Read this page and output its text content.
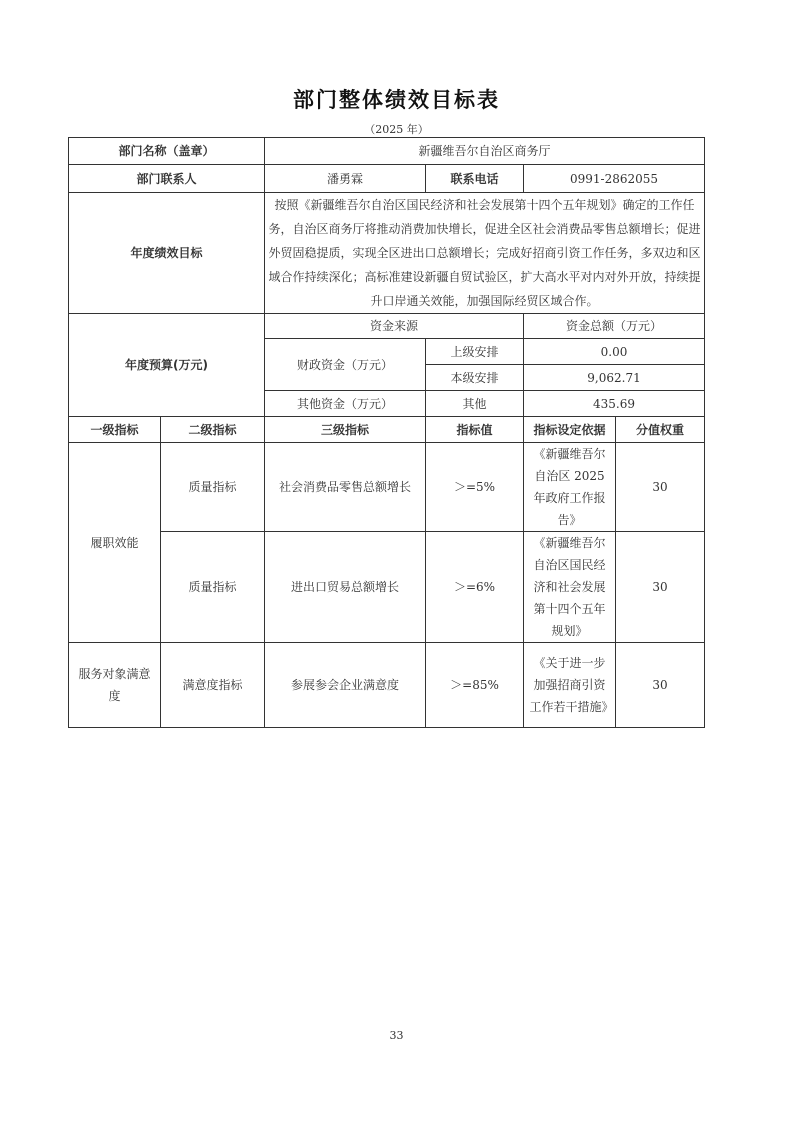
部门整体绩效目标表
（2025 年）
部门名称（盖章）		新疆维吾尔自治区商务厅			
部门联系人		潘勇霖	联系电话	0991-2862055	
年度绩效目标		按照《新疆维吾尔自治区国民经济和社会发展第十四个五年规划》确定的工作任务，自治区商务厅将推动消费加快增长，促进全区社会消费品零售总额增长；促进外贸固稳提质，实现全区进出口总额增长；完成好招商引资工作任务，多双边和区域合作持续深化；高标准建设新疆自贸试验区，扩大高水平对内对外开放，持续提升口岸通关效能，加强国际经贸区域合作。			
年度预算(万元)		资金来源		资金总额（万元）	
		财政资金（万元）	上级安排	0.00	
			本级安排	9,062.71	
		其他资金（万元）	其他	435.69	
一级指标	二级指标	三级指标	指标值	指标设定依据	分值权重
履职效能	质量指标	社会消费品零售总额增长	＞=5%	《新疆维吾尔自治区 2025 年政府工作报告》	30
	质量指标	进出口贸易总额增长	＞=6%	《新疆维吾尔自治区国民经济和社会发展第十四个五年规划》	30

服务对象满意度	满意度指标	参展参会企业满意度	＞=85%	《关于进一步加强招商引资工作若干措施》	30
33
